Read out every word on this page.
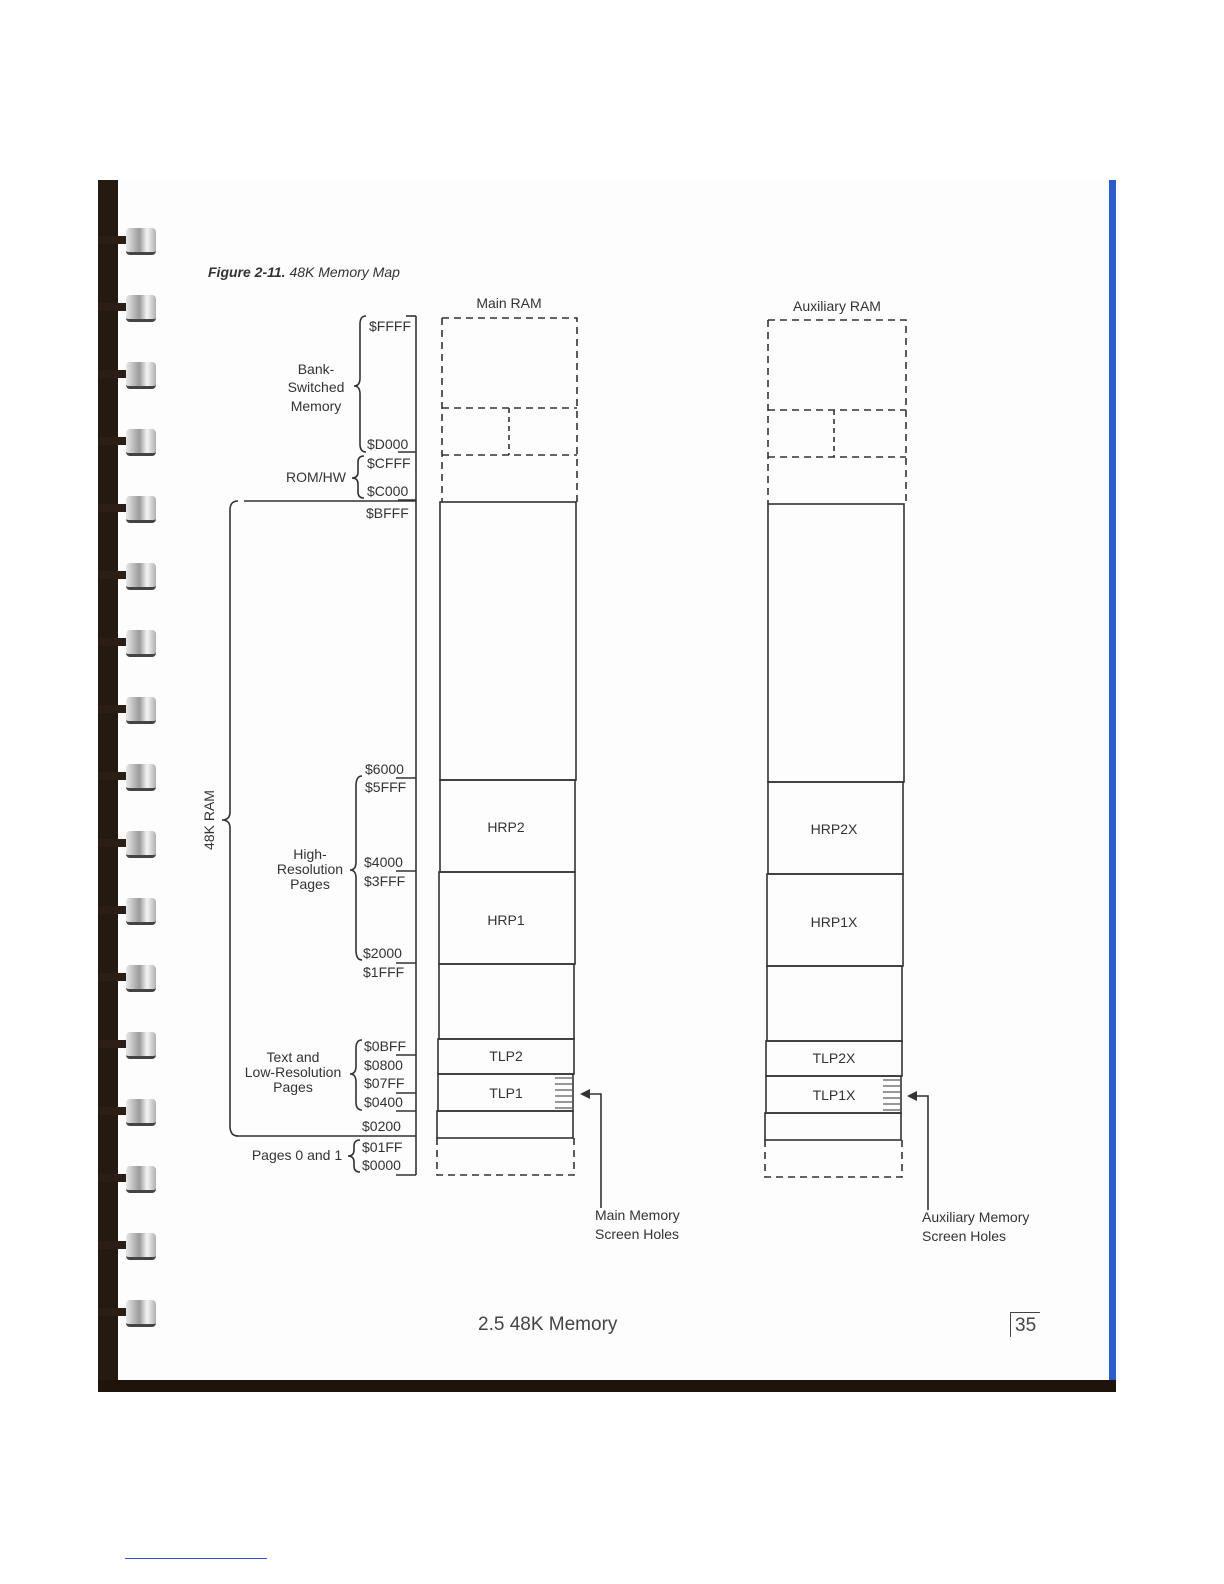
Figure 2-11. 48K Memory Map
Main RAM	Auxiliary RAM
$FFFF
$D000
$CFFF
$C000
$BFFF
$6000
$5FFF
$4000
$3FFF
$2000
$1FFF
$0BFF
$0800
$07FF
$0400
$0200
$01FF
$0000
Bank-
Switched
Memory
ROM/HW
High-
Resolution
Pages
Text and
Low-Resolution
Pages
Pages 0 and 1
48K RAM	HRP2
HRP1
TLP2
TLP1
HRP2X
HRP1X
TLP2X
TLP1X
Main Memory
Screen Holes
Auxiliary Memory
Screen Holes
2.5 48K Memory	35
